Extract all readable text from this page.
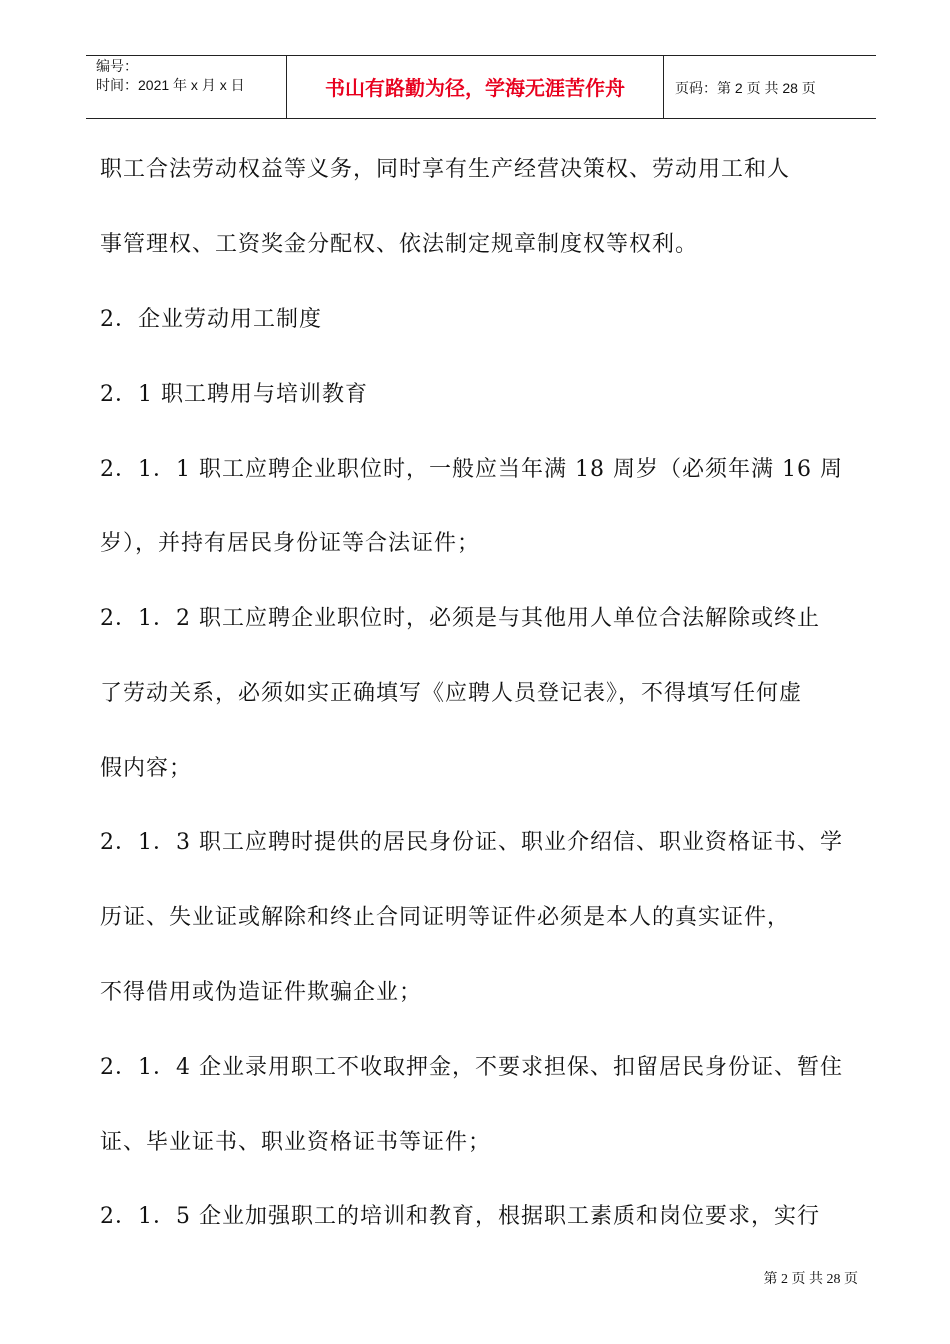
编号：
时间：2021 年 x 月 x 日	书山有路勤为径，学海无涯苦作舟	页码：第 2 页 共 28 页
职工合法劳动权益等义务，同时享有生产经营决策权、劳动用工和人
事管理权、工资奖金分配权、依法制定规章制度权等权利。
2．企业劳动用工制度
2．1 职工聘用与培训教育
2．1．1 职工应聘企业职位时，一般应当年满 18 周岁（必须年满 16 周
岁），并持有居民身份证等合法证件；
2．1．2 职工应聘企业职位时，必须是与其他用人单位合法解除或终止
了劳动关系，必须如实正确填写《应聘人员登记表》，不得填写任何虚
假内容；
2．1．3 职工应聘时提供的居民身份证、职业介绍信、职业资格证书、学
历证、失业证或解除和终止合同证明等证件必须是本人的真实证件，
不得借用或伪造证件欺骗企业；
2．1．4 企业录用职工不收取押金，不要求担保、扣留居民身份证、暂住
证、毕业证书、职业资格证书等证件；
2．1．5 企业加强职工的培训和教育，根据职工素质和岗位要求，实行
第 2 页 共 28 页
